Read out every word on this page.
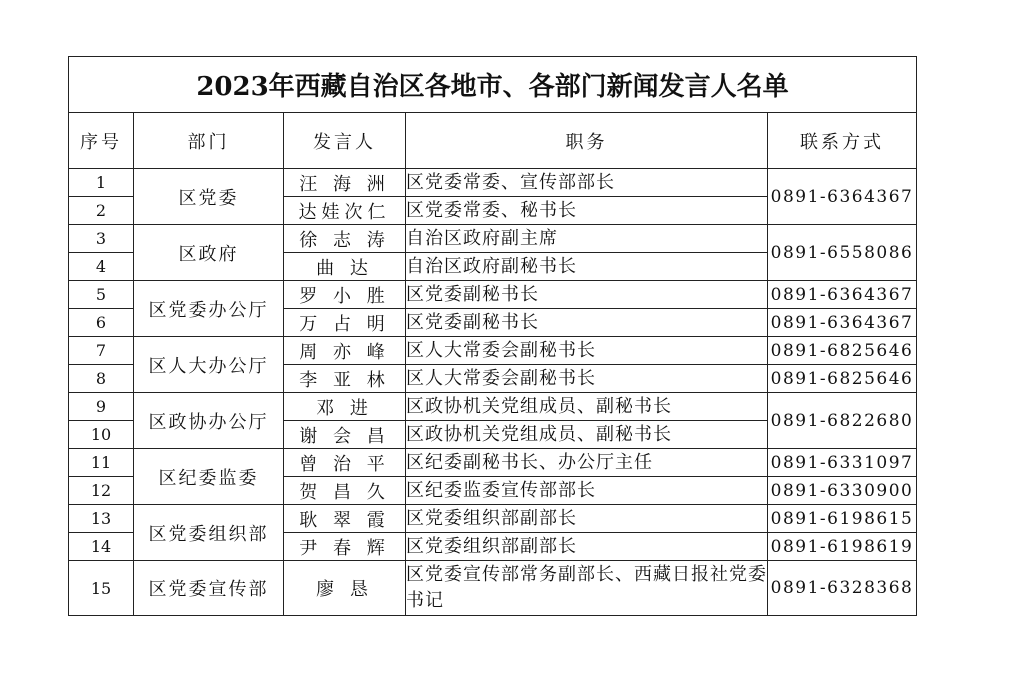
2023年西藏自治区各地市、各部门新闻发言人名单				
序号	部门	发言人	职务	联系方式
1	区党委	汪 海 洲	区党委常委、宣传部部长	0891-6364367
2		达娃次仁	区党委常委、秘书长	
3	区政府	徐 志 涛	自治区政府副主席	0891-6558086
4		曲 达	自治区政府副秘书长	
5	区党委办公厅	罗 小 胜	区党委副秘书长	0891-6364367
6		万 占 明	区党委副秘书长	0891-6364367
7	区人大办公厅	周 亦 峰	区人大常委会副秘书长	0891-6825646
8		李 亚 林	区人大常委会副秘书长	0891-6825646
9	区政协办公厅	邓 进	区政协机关党组成员、副秘书长	0891-6822680
10		谢 会 昌	区政协机关党组成员、副秘书长	
11	区纪委监委	曾 治 平	区纪委副秘书长、办公厅主任	0891-6331097
12		贺 昌 久	区纪委监委宣传部部长	0891-6330900
13	区党委组织部	耿 翠 霞	区党委组织部副部长	0891-6198615
14		尹 春 辉	区党委组织部副部长	0891-6198619
15	区党委宣传部	廖 恳	区党委宣传部常务副部长、西藏日报社党委书记	0891-6328368
